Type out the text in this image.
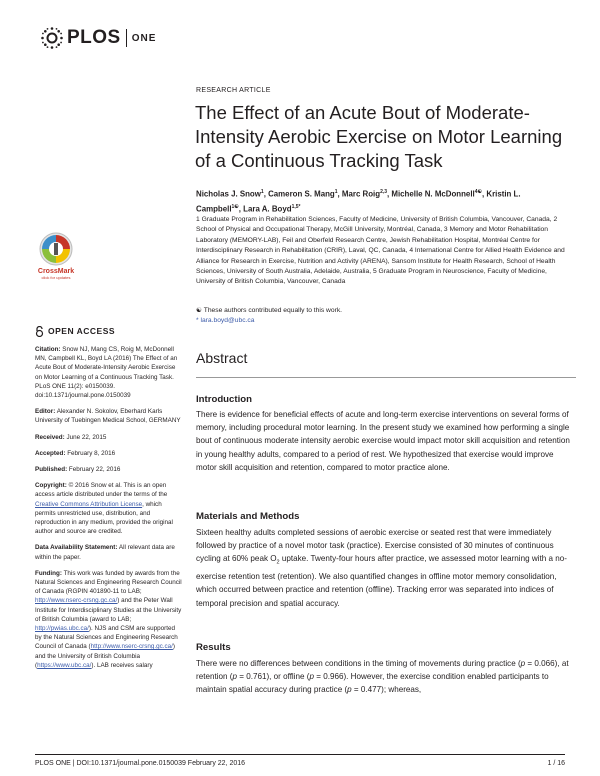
PLOS ONE
CrossMark
click for updates
OPEN ACCESS

Citation: Snow NJ, Mang CS, Roig M, McDonnell MN, Campbell KL, Boyd LA (2016) The Effect of an Acute Bout of Moderate-Intensity Aerobic Exercise on Motor Learning of a Continuous Tracking Task. PLoS ONE 11(2): e0150039. doi:10.1371/journal.pone.0150039

Editor: Alexander N. Sokolov, Eberhard Karls University of Tuebingen Medical School, GERMANY

Received: June 22, 2015

Accepted: February 8, 2016

Published: February 22, 2016

Copyright: © 2016 Snow et al. This is an open access article distributed under the terms of the Creative Commons Attribution License, which permits unrestricted use, distribution, and reproduction in any medium, provided the original author and source are credited.

Data Availability Statement: All relevant data are within the paper.

Funding: This work was funded by awards from the Natural Sciences and Engineering Research Council of Canada (RGPIN 401890-11 to LAB; http://www.nserc-crsng.gc.ca/) and the Peter Wall Institute for Interdisciplinary Studies at the University of British Columbia (award to LAB; http://pwias.ubc.ca/). NJS and CSM are supported by the Natural Sciences and Engineering Research Council of Canada (http://www.nserc-crsng.gc.ca/) and the University of British Columbia (https://www.ubc.ca/). LAB receives salary

RESEARCH ARTICLE
The Effect of an Acute Bout of Moderate-Intensity Aerobic Exercise on Motor Learning of a Continuous Tracking Task
Nicholas J. Snow$^1$, Cameron S. Mang$^1$, Marc Roig$^{2,3}$, Michelle N. McDonnell$^{4☯}$, Kristin L. Campbell$^{1☯}$, Lara A. Boyd$^{1,5*}$
1 Graduate Program in Rehabilitation Sciences, Faculty of Medicine, University of British Columbia, Vancouver, Canada, 2 School of Physical and Occupational Therapy, McGill University, Montréal, Canada, 3 Memory and Motor Rehabilitation Laboratory (MEMORY-LAB), Feil and Oberfeld Research Centre, Jewish Rehabilitation Hospital, Montréal Centre for Interdisciplinary Research in Rehabilitation (CRIR), Laval, QC, Canada, 4 International Centre for Allied Health Evidence and Alliance for Research in Exercise, Nutrition and Activity (ARENA), Sansom Institute for Health Research, School of Health Sciences, University of South Australia, Adelaide, Australia, 5 Graduate Program in Neuroscience, Faculty of Medicine, University of British Columbia, Vancouver, Canada
☯ These authors contributed equally to this work.
* lara.boyd@ubc.ca
Abstract
Introduction
There is evidence for beneficial effects of acute and long-term exercise interventions on several forms of memory, including procedural motor learning. In the present study we examined how performing a single bout of continuous moderate intensity aerobic exercise would impact motor skill acquisition and retention in young healthy adults, compared to a period of rest. We hypothesized that exercise would improve motor skill acquisition and retention, compared to motor practice alone.
Materials and Methods
Sixteen healthy adults completed sessions of aerobic exercise or seated rest that were immediately followed by practice of a novel motor task (practice). Exercise consisted of 30 minutes of continuous cycling at 60% peak $O_2$ uptake. Twenty-four hours after practice, we assessed motor learning with a no-exercise retention test (retention). We also quantified changes in offline motor memory consolidation, which occurred between practice and retention (offline). Tracking error was separated into indices of temporal precision and spatial accuracy.
Results
There were no differences between conditions in the timing of movements during practice (p = 0.066), at retention (p = 0.761), or offline (p = 0.966). However, the exercise condition enabled participants to maintain spatial accuracy during practice (p = 0.477); whereas,
PLOS ONE | DOI:10.1371/journal.pone.0150039 February 22, 2016	1 / 16
